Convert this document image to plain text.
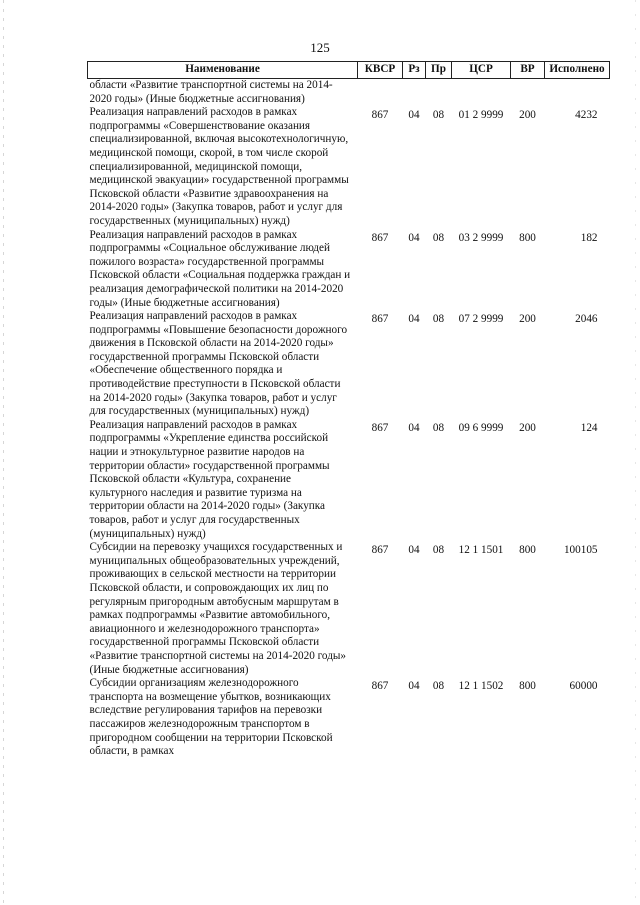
125
Наименование	КВСР	Рз	Пр	ЦСР	ВР	Исполнено
области «Развитие транспортной системы на 2014-2020 годы» (Иные бюджетные ассигнования)						
Реализация направлений расходов в рамках подпрограммы «Совершенствование оказания специализированной, включая высокотехнологичную, медицинской помощи, скорой, в том числе скорой специализированной, медицинской помощи, медицинской эвакуации» государственной программы Псковской области «Развитие здравоохранения на 2014-2020 годы» (Закупка товаров, работ и услуг для государственных (муниципальных) нужд)	867	04	08	01 2 9999	200	4232
Реализация направлений расходов в рамках подпрограммы «Социальное обслуживание людей пожилого возраста» государственной программы Псковской области «Социальная поддержка граждан и реализация демографической политики на 2014-2020 годы» (Иные бюджетные ассигнования)	867	04	08	03 2 9999	800	182
Реализация направлений расходов в рамках подпрограммы «Повышение безопасности дорожного движения в Псковской области на 2014-2020 годы» государственной программы Псковской области «Обеспечение общественного порядка и противодействие преступности в Псковской области на 2014-2020 годы» (Закупка товаров, работ и услуг для государственных (муниципальных) нужд)	867	04	08	07 2 9999	200	2046
Реализация направлений расходов в рамках подпрограммы «Укрепление единства российской нации и этнокультурное развитие народов на территории области» государственной программы Псковской области «Культура, сохранение культурного наследия и развитие туризма на территории области на 2014-2020 годы» (Закупка товаров, работ и услуг для государственных (муниципальных) нужд)	867	04	08	09 6 9999	200	124
Субсидии на перевозку учащихся государственных и муниципальных общеобразовательных учреждений, проживающих в сельской местности на территории Псковской области, и сопровождающих их лиц по регулярным пригородным автобусным маршрутам в рамках подпрограммы «Развитие автомобильного, авиационного и железнодорожного транспорта» государственной программы Псковской области «Развитие транспортной системы на 2014-2020 годы» (Иные бюджетные ассигнования)	867	04	08	12 1 1501	800	100105
Субсидии организациям железнодорожного транспорта на возмещение убытков, возникающих вследствие регулирования тарифов на перевозки пассажиров железнодорожным транспортом в пригородном сообщении на территории Псковской области, в рамках	867	04	08	12 1 1502	800	60000
